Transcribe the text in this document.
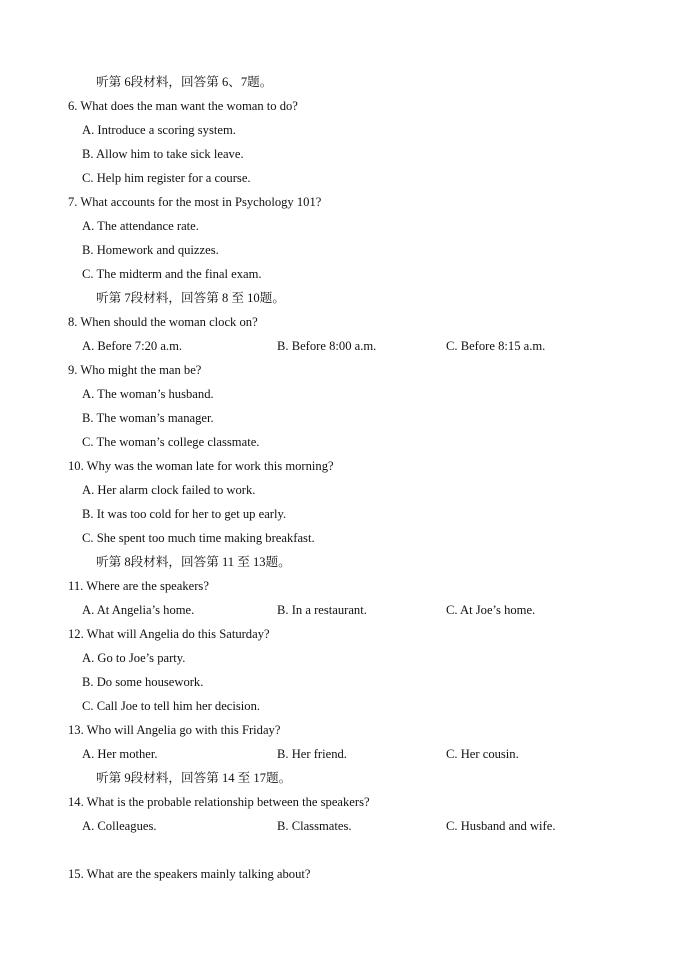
听第 6段材料，回答第 6、7题。
6. What does the man want the woman to do?
A. Introduce a scoring system.
B. Allow him to take sick leave.
C. Help him register for a course.
7. What accounts for the most in Psychology 101?
A. The attendance rate.
B. Homework and quizzes.
C. The midterm and the final exam.
听第 7段材料，回答第 8 至 10题。
8. When should the woman clock on?
A. Before 7:20 a.m.	B. Before 8:00 a.m.	C. Before 8:15 a.m.
9. Who might the man be?
A. The woman’s husband.
B. The woman’s manager.
C. The woman’s college classmate.
10. Why was the woman late for work this morning?
A. Her alarm clock failed to work.
B. It was too cold for her to get up early.
C. She spent too much time making breakfast.
听第 8段材料，回答第 11 至 13题。
11. Where are the speakers?
A. At Angelia’s home.	B. In a restaurant.	C. At Joe’s home.
12. What will Angelia do this Saturday?
A. Go to Joe’s party.
B. Do some housework.
C. Call Joe to tell him her decision.
13. Who will Angelia go with this Friday?
A. Her mother.	B. Her friend.	C. Her cousin.
听第 9段材料，回答第 14 至 17题。
14. What is the probable relationship between the speakers?
A. Colleagues.	B. Classmates.	C. Husband and wife.
15. What are the speakers mainly talking about?
